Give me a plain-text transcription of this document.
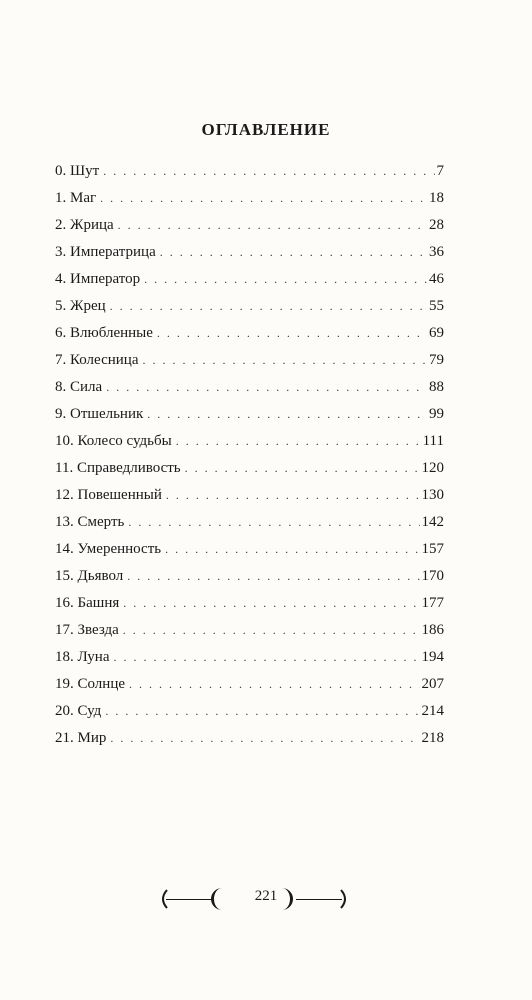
ОГЛАВЛЕНИЕ
0. Шут . . .	7
1. Маг . . .	18
2. Жрица . . .	28
3. Императрица . . .	36
4. Император . . .	46
5. Жрец . . .	55
6. Влюбленные . . .	69
7. Колесница . . .	79
8. Сила . . .	88
9. Отшельник . . .	99
10. Колесо судьбы . . .	111
11. Справедливость . . .	120
12. Повешенный . . .	130
13. Смерть . . .	142
14. Умеренность . . .	157
15. Дьявол . . .	170
16. Башня . . .	177
17. Звезда . . .	186
18. Луна . . .	194
19. Солнце . . .	207
20. Суд . . .	214
21. Мир . . .	218
221
